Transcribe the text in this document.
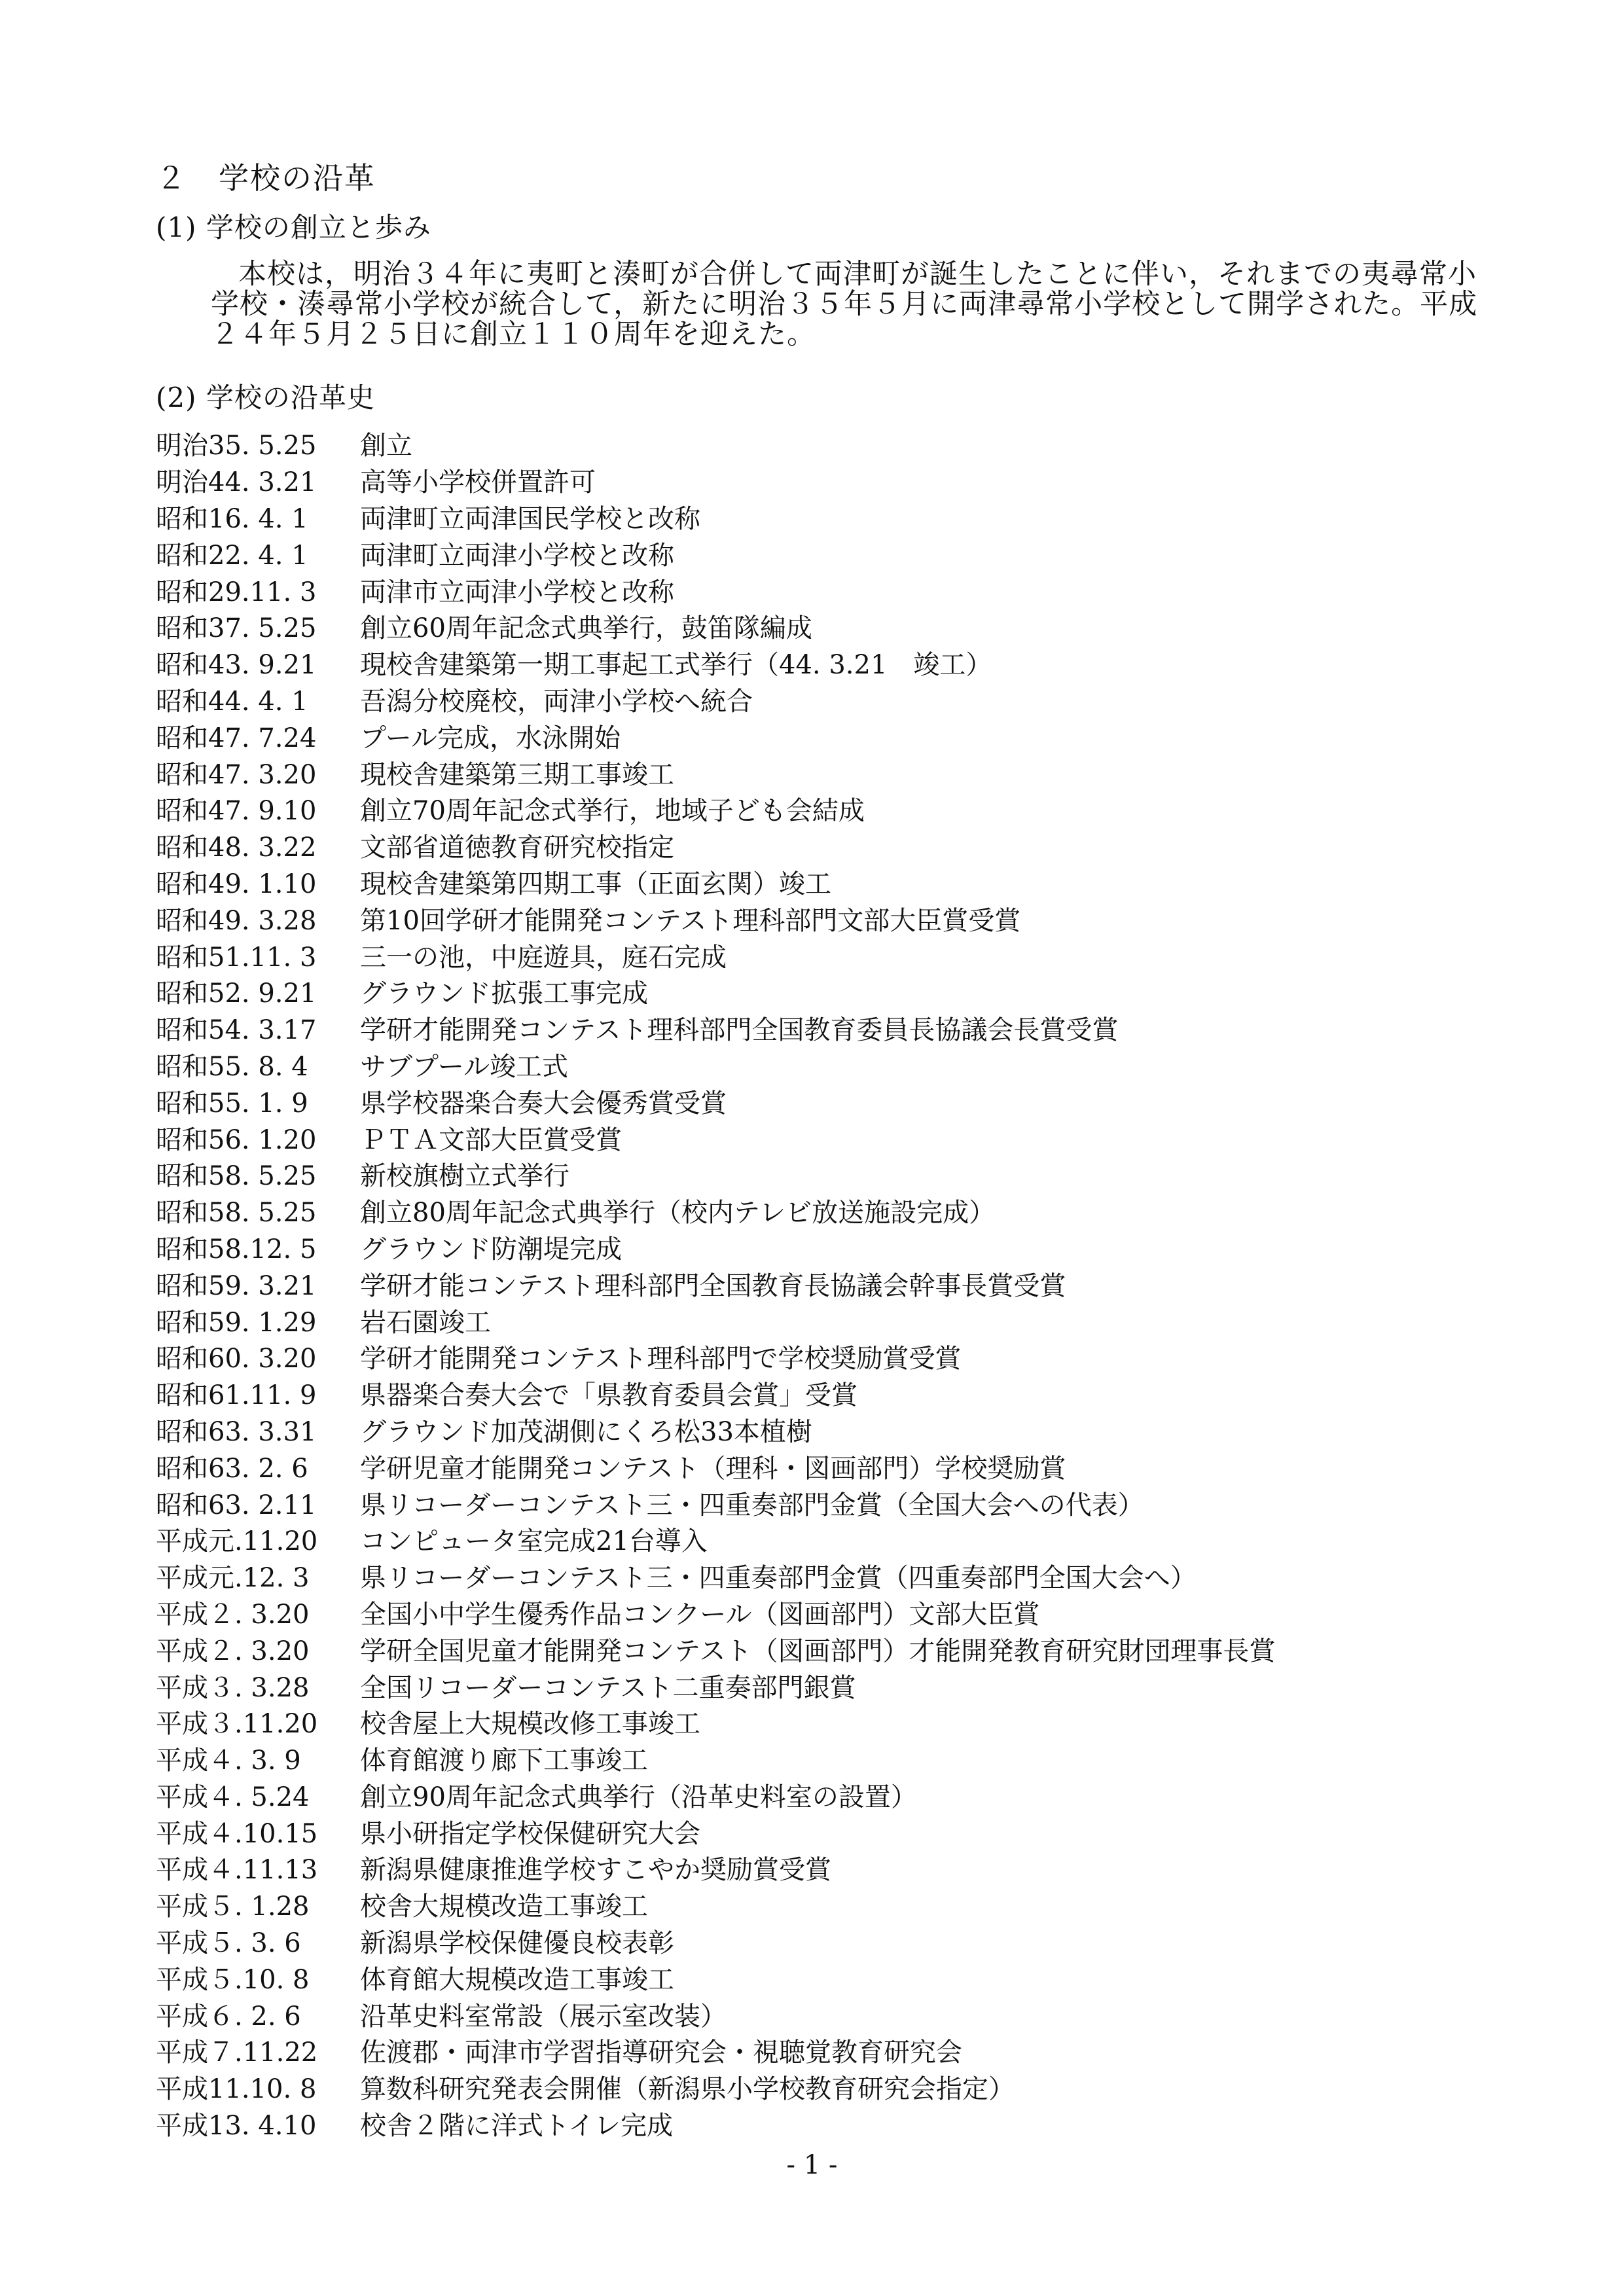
２　学校の沿革
(1) 学校の創立と歩み
本校は，明治３４年に夷町と湊町が合併して両津町が誕生したことに伴い，それまでの夷尋常小学校・湊尋常小学校が統合して，新たに明治３５年５月に両津尋常小学校として開学された。平成２４年５月２５日に創立１１０周年を迎えた。
(2) 学校の沿革史
明治35. 5.25	創立
明治44. 3.21	高等小学校併置許可
昭和16. 4. 1	両津町立両津国民学校と改称
昭和22. 4. 1	両津町立両津小学校と改称
昭和29.11. 3	両津市立両津小学校と改称
昭和37. 5.25	創立60周年記念式典挙行，鼓笛隊編成
昭和43. 9.21	現校舎建築第一期工事起工式挙行（44. 3.21　竣工）
昭和44. 4. 1	吾潟分校廃校，両津小学校へ統合
昭和47. 7.24	プール完成，水泳開始
昭和47. 3.20	現校舎建築第三期工事竣工
昭和47. 9.10	創立70周年記念式挙行，地域子ども会結成
昭和48. 3.22	文部省道徳教育研究校指定
昭和49. 1.10	現校舎建築第四期工事（正面玄関）竣工
昭和49. 3.28	第10回学研才能開発コンテスト理科部門文部大臣賞受賞
昭和51.11. 3	三一の池，中庭遊具，庭石完成
昭和52. 9.21	グラウンド拡張工事完成
昭和54. 3.17	学研才能開発コンテスト理科部門全国教育委員長協議会長賞受賞
昭和55. 8. 4	サブプール竣工式
昭和55. 1. 9	県学校器楽合奏大会優秀賞受賞
昭和56. 1.20	ＰＴＡ文部大臣賞受賞
昭和58. 5.25	新校旗樹立式挙行
昭和58. 5.25	創立80周年記念式典挙行（校内テレビ放送施設完成）
昭和58.12. 5	グラウンド防潮堤完成
昭和59. 3.21	学研才能コンテスト理科部門全国教育長協議会幹事長賞受賞
昭和59. 1.29	岩石園竣工
昭和60. 3.20	学研才能開発コンテスト理科部門で学校奨励賞受賞
昭和61.11. 9	県器楽合奏大会で「県教育委員会賞」受賞
昭和63. 3.31	グラウンド加茂湖側にくろ松33本植樹
昭和63. 2. 6	学研児童才能開発コンテスト（理科・図画部門）学校奨励賞
昭和63. 2.11	県リコーダーコンテスト三・四重奏部門金賞（全国大会への代表）
平成元.11.20	コンピュータ室完成21台導入
平成元.12. 3	県リコーダーコンテスト三・四重奏部門金賞（四重奏部門全国大会へ）
平成２. 3.20	全国小中学生優秀作品コンクール（図画部門）文部大臣賞
平成２. 3.20	学研全国児童才能開発コンテスト（図画部門）才能開発教育研究財団理事長賞
平成３. 3.28	全国リコーダーコンテスト二重奏部門銀賞
平成３.11.20	校舎屋上大規模改修工事竣工
平成４. 3. 9	体育館渡り廊下工事竣工
平成４. 5.24	創立90周年記念式典挙行（沿革史料室の設置）
平成４.10.15	県小研指定学校保健研究大会
平成４.11.13	新潟県健康推進学校すこやか奨励賞受賞
平成５. 1.28	校舎大規模改造工事竣工
平成５. 3. 6	新潟県学校保健優良校表彰
平成５.10. 8	体育館大規模改造工事竣工
平成６. 2. 6	沿革史料室常設（展示室改装）
平成７.11.22	佐渡郡・両津市学習指導研究会・視聴覚教育研究会
平成11.10. 8	算数科研究発表会開催（新潟県小学校教育研究会指定）
平成13. 4.10	校舎２階に洋式トイレ完成
- 1 -
